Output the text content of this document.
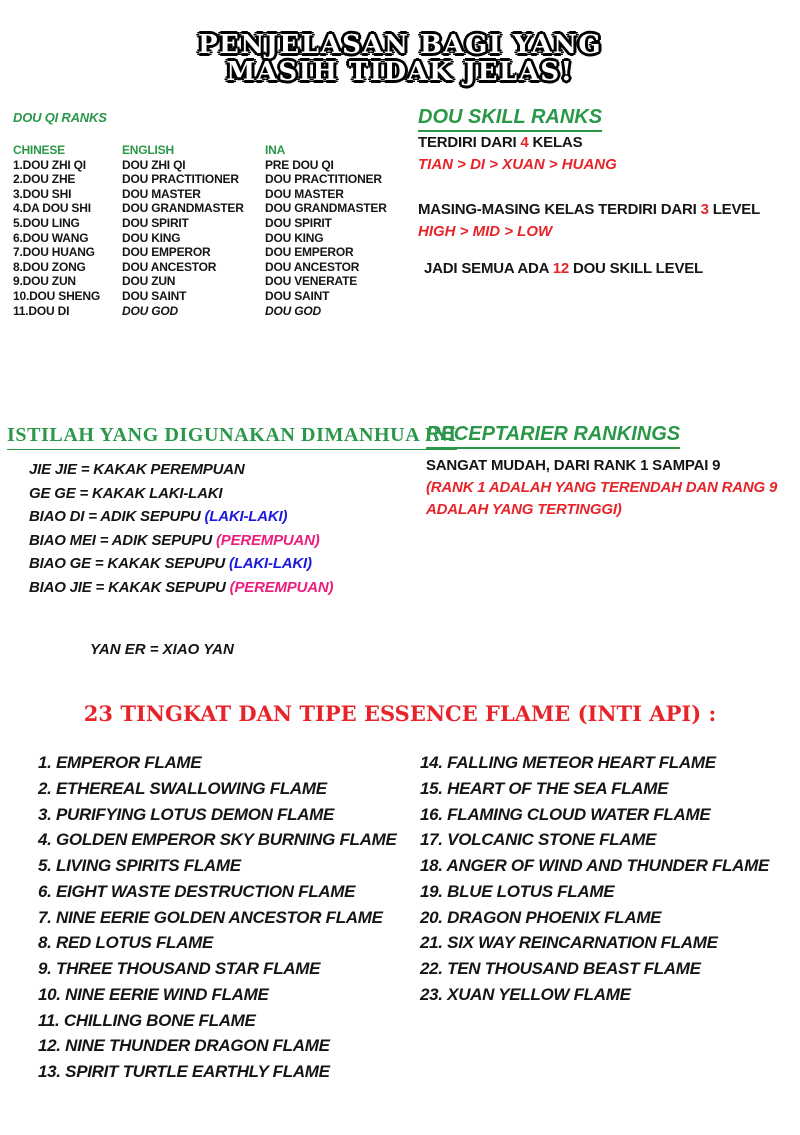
PENJELASAN BAGI YANG
MASIH TIDAK JELAS!
DOU QI RANKS
CHINESE	ENGLISH	INA
1.DOU ZHI QI	DOU ZHI QI	PRE DOU QI
2.DOU ZHE	DOU PRACTITIONER	DOU PRACTITIONER
3.DOU SHI	DOU MASTER	DOU MASTER
4.DA DOU SHI	DOU GRANDMASTER	DOU GRANDMASTER
5.DOU LING	DOU SPIRIT	DOU SPIRIT
6.DOU WANG	DOU KING	DOU KING
7.DOU HUANG	DOU EMPEROR	DOU EMPEROR
8.DOU ZONG	DOU ANCESTOR	DOU ANCESTOR
9.DOU ZUN	DOU ZUN	DOU VENERATE
10.DOU SHENG	DOU SAINT	DOU SAINT
11.DOU DI	DOU GOD	DOU GOD
DOU SKILL RANKS
TERDIRI DARI 4 KELAS
TIAN > DI > XUAN > HUANG
MASING-MASING KELAS TERDIRI DARI 3 LEVEL
HIGH > MID > LOW
JADI SEMUA ADA 12 DOU SKILL LEVEL
ISTILAH YANG DIGUNAKAN DIMANHUA INI
JIE JIE = KAKAK PEREMPUAN
GE GE = KAKAK LAKI-LAKI
BIAO DI = ADIK SEPUPU (LAKI-LAKI)
BIAO MEI = ADIK SEPUPU (PEREMPUAN)
BIAO GE = KAKAK SEPUPU (LAKI-LAKI)
BIAO JIE = KAKAK SEPUPU (PEREMPUAN)
YAN ER = XIAO YAN
RECEPTARIER RANKINGS
SANGAT MUDAH, DARI RANK 1 SAMPAI 9
(RANK 1 ADALAH YANG TERENDAH DAN RANG 9
ADALAH YANG TERTINGGI)
23 TINGKAT DAN TIPE ESSENCE FLAME (INTI API) :
1. EMPEROR FLAME
2. ETHEREAL SWALLOWING FLAME
3. PURIFYING LOTUS DEMON FLAME
4. GOLDEN EMPEROR SKY BURNING FLAME
5. LIVING SPIRITS FLAME
6. EIGHT WASTE DESTRUCTION FLAME
7. NINE EERIE GOLDEN ANCESTOR FLAME
8. RED LOTUS FLAME
9. THREE THOUSAND STAR FLAME
10. NINE EERIE WIND FLAME
11. CHILLING BONE FLAME
12. NINE THUNDER DRAGON FLAME
13. SPIRIT TURTLE EARTHLY FLAME
14. FALLING METEOR HEART FLAME
15. HEART OF THE SEA FLAME
16. FLAMING CLOUD WATER FLAME
17. VOLCANIC STONE FLAME
18. ANGER OF WIND AND THUNDER FLAME
19. BLUE LOTUS FLAME
20. DRAGON PHOENIX FLAME
21. SIX WAY REINCARNATION FLAME
22. TEN THOUSAND BEAST FLAME
23. XUAN YELLOW FLAME
